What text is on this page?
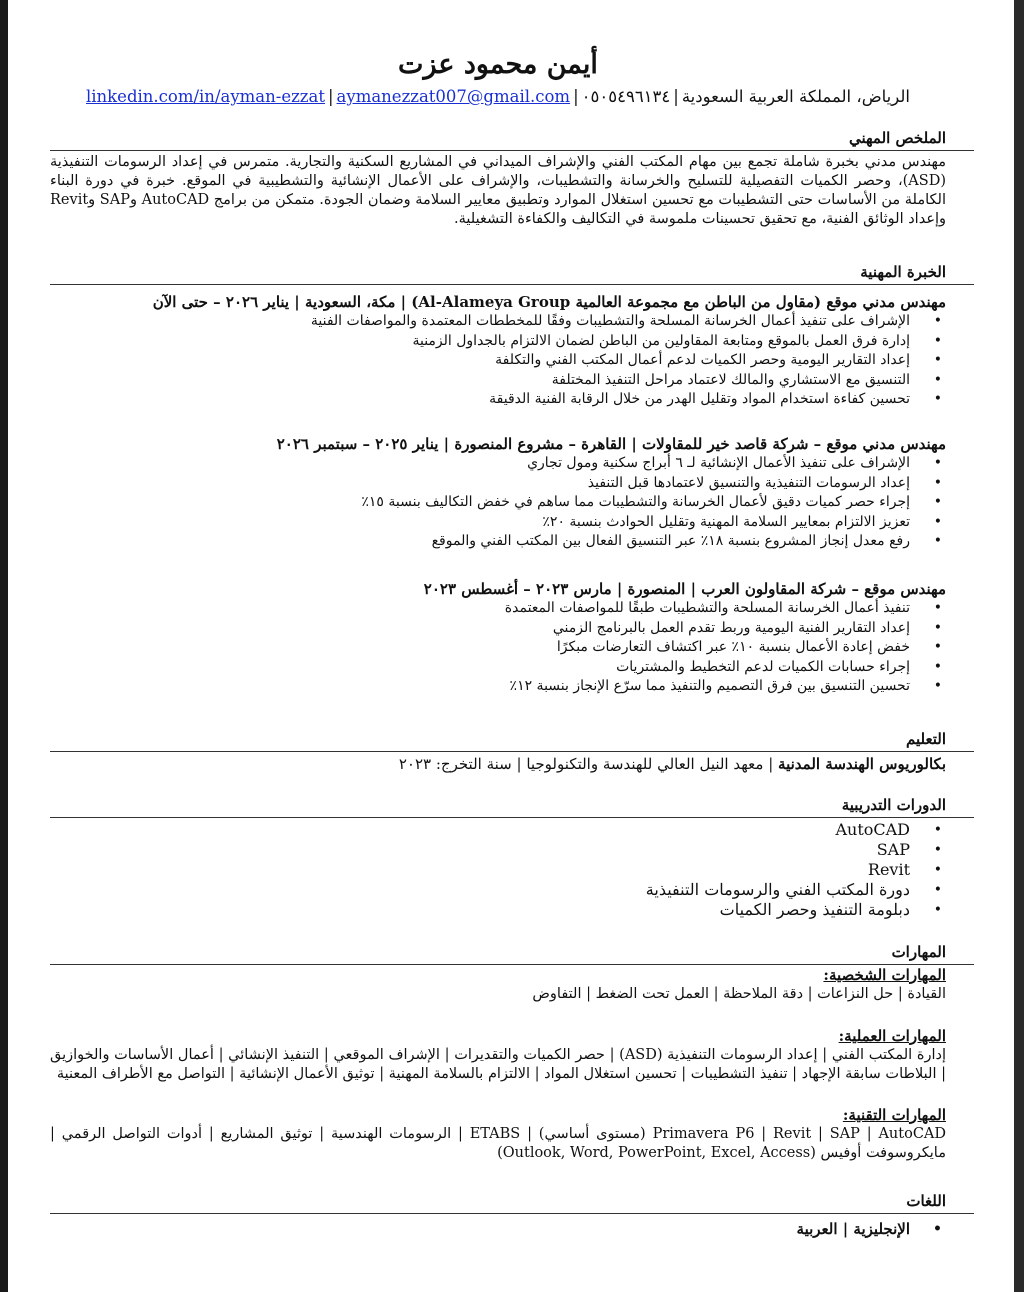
أيمن محمود عزت
الرياض، المملكة العربية السعودية|٠٥٠٥٤٩٦١٣٤|aymanezzat007@gmail.com|linkedin.com/in/ayman-ezzat
الملخص المهني
مهندس مدني بخبرة شاملة تجمع بين مهام المكتب الفني والإشراف الميداني في المشاريع السكنية والتجارية. متمرس في إعداد الرسومات التنفيذية (ASD)، وحصر الكميات التفصيلية للتسليح والخرسانة والتشطيبات، والإشراف على الأعمال الإنشائية والتشطيبية في الموقع. خبرة في دورة البناء الكاملة من الأساسات حتى التشطيبات مع تحسين استغلال الموارد وتطبيق معايير السلامة وضمان الجودة. متمكن من برامج AutoCAD وSAP وRevit وإعداد الوثائق الفنية، مع تحقيق تحسينات ملموسة في التكاليف والكفاءة التشغيلية.
الخبرة المهنية
مهندس مدني موقع (مقاول من الباطن مع مجموعة العالمية Al-Alameya Group) | مكة، السعودية | يناير ٢٠٢٦ – حتى الآن
• الإشراف على تنفيذ أعمال الخرسانة المسلحة والتشطيبات وفقًا للمخططات المعتمدة والمواصفات الفنية
• إدارة فرق العمل بالموقع ومتابعة المقاولين من الباطن لضمان الالتزام بالجداول الزمنية
• إعداد التقارير اليومية وحصر الكميات لدعم أعمال المكتب الفني والتكلفة
• التنسيق مع الاستشاري والمالك لاعتماد مراحل التنفيذ المختلفة
• تحسين كفاءة استخدام المواد وتقليل الهدر من خلال الرقابة الفنية الدقيقة
مهندس مدني موقع – شركة قاصد خير للمقاولات | القاهرة – مشروع المنصورة | يناير ٢٠٢٥ – سبتمبر ٢٠٢٦
• الإشراف على تنفيذ الأعمال الإنشائية لـ ٦ أبراج سكنية ومول تجاري
• إعداد الرسومات التنفيذية والتنسيق لاعتمادها قبل التنفيذ
• إجراء حصر كميات دقيق لأعمال الخرسانة والتشطيبات مما ساهم في خفض التكاليف بنسبة ١٥٪
• تعزيز الالتزام بمعايير السلامة المهنية وتقليل الحوادث بنسبة ٢٠٪
• رفع معدل إنجاز المشروع بنسبة ١٨٪ عبر التنسيق الفعال بين المكتب الفني والموقع
مهندس موقع – شركة المقاولون العرب | المنصورة | مارس ٢٠٢٣ – أغسطس ٢٠٢٣
• تنفيذ أعمال الخرسانة المسلحة والتشطيبات طبقًا للمواصفات المعتمدة
• إعداد التقارير الفنية اليومية وربط تقدم العمل بالبرنامج الزمني
• خفض إعادة الأعمال بنسبة ١٠٪ عبر اكتشاف التعارضات مبكرًا
• إجراء حسابات الكميات لدعم التخطيط والمشتريات
• تحسين التنسيق بين فرق التصميم والتنفيذ مما سرّع الإنجاز بنسبة ١٢٪
التعليم
بكالوريوس الهندسة المدنية | معهد النيل العالي للهندسة والتكنولوجيا | سنة التخرج: ٢٠٢٣
الدورات التدريبية
• AutoCAD
• SAP
• Revit
• دورة المكتب الفني والرسومات التنفيذية
• دبلومة التنفيذ وحصر الكميات
المهارات
المهارات الشخصية:
القيادة | حل النزاعات | دقة الملاحظة | العمل تحت الضغط | التفاوض
المهارات العملية:
إدارة المكتب الفني | إعداد الرسومات التنفيذية (ASD) | حصر الكميات والتقديرات | الإشراف الموقعي | التنفيذ الإنشائي | أعمال الأساسات والخوازيق | البلاطات سابقة الإجهاد | تنفيذ التشطيبات | تحسين استغلال المواد | الالتزام بالسلامة المهنية | توثيق الأعمال الإنشائية | التواصل مع الأطراف المعنية
المهارات التقنية:
Primavera P6 | Revit | SAP | AutoCAD (مستوى أساسي) | ETABS | الرسومات الهندسية | توثيق المشاريع | أدوات التواصل الرقمي | مايكروسوفت أوفيس (Outlook, Word, PowerPoint, Excel, Access)
اللغات
• الإنجليزية | العربية
